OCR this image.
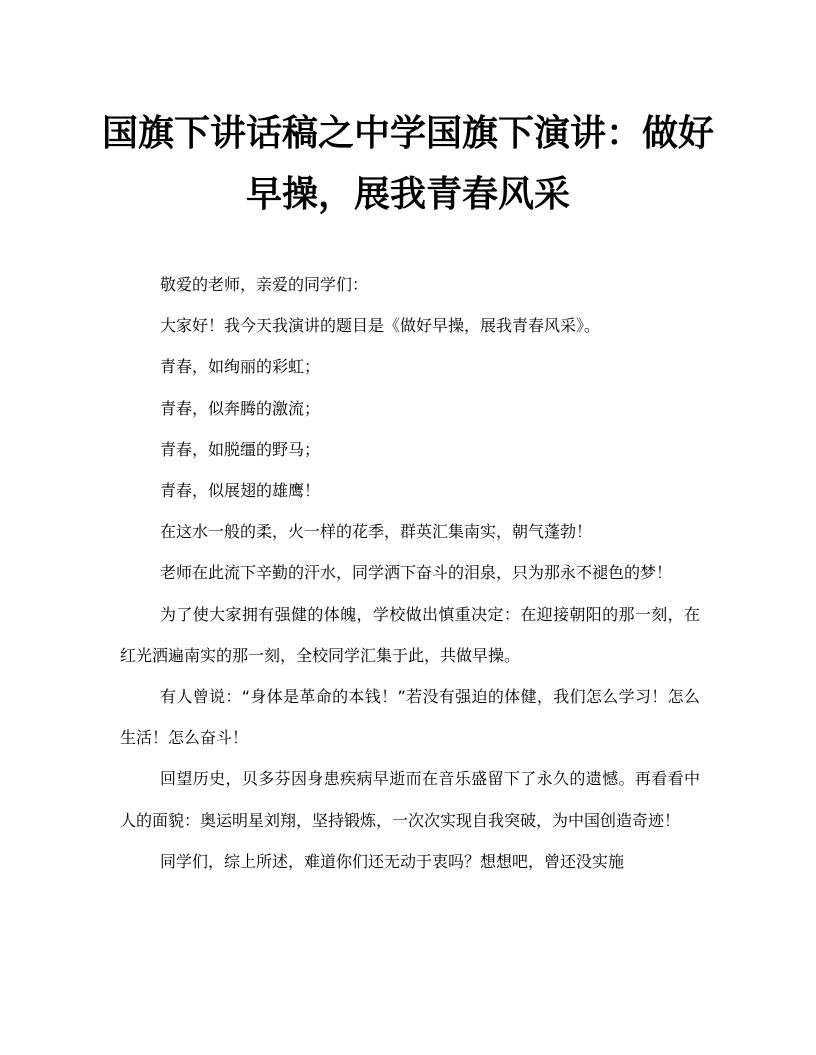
国旗下讲话稿之中学国旗下演讲：做好
早操，展我青春风采

敬爱的老师，亲爱的同学们：

大家好！我今天我演讲的题目是《做好早操，展我青春风采》。

青春，如绚丽的彩虹；

青春，似奔腾的激流；

青春，如脱缰的野马；

青春，似展翅的雄鹰！

在这水一般的柔，火一样的花季，群英汇集南实，朝气蓬勃！

老师在此流下辛勤的汗水，同学洒下奋斗的泪泉，只为那永不褪色的梦！

为了使大家拥有强健的体魄，学校做出慎重决定：在迎接朝阳的那一刻，在红光洒遍南实的那一刻，全校同学汇集于此，共做早操。

有人曾说：“身体是革命的本钱！”若没有强迫的体健，我们怎么学习！怎么生活！怎么奋斗！

回望历史，贝多芬因身患疾病早逝而在音乐盛留下了永久的遗憾。再看看中人的面貌：奥运明星刘翔，坚持锻炼，一次次实现自我突破，为中国创造奇迹！

同学们，综上所述，难道你们还无动于衷吗？想想吧，曾还没实施
